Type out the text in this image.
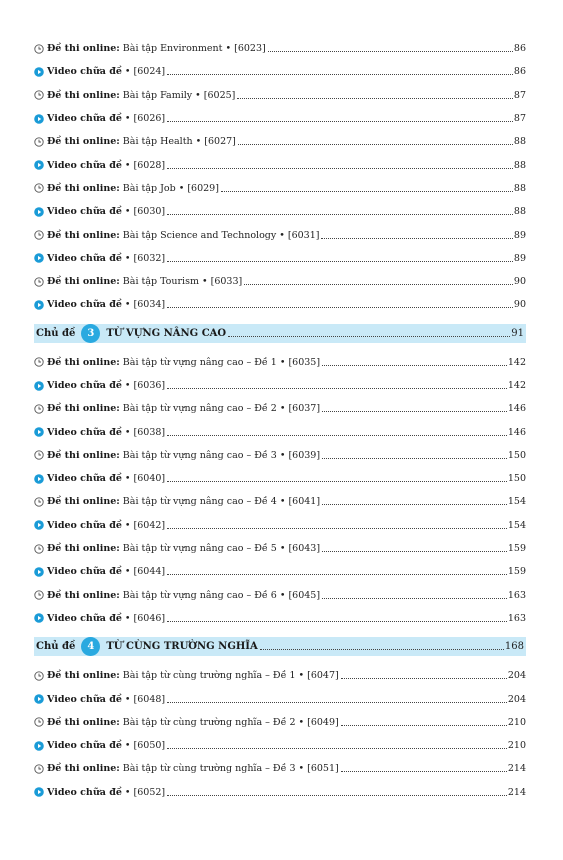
Đề thi online: Bài tập Environment • [6023]	86
Video chữa đề • [6024]	86
Đề thi online: Bài tập Family • [6025]	87
Video chữa đề • [6026]	87
Đề thi online: Bài tập Health • [6027]	88
Video chữa đề • [6028]	88
Đề thi online: Bài tập Job • [6029]	88
Video chữa đề • [6030]	88
Đề thi online: Bài tập Science and Technology • [6031]	89
Video chữa đề • [6032]	89
Đề thi online: Bài tập Tourism • [6033]	90
Video chữa đề • [6034]	90
Chủ đề	3	TỪ VỰNG NÂNG CAO	91
Đề thi online: Bài tập từ vựng nâng cao – Đề 1 • [6035]	142
Video chữa đề • [6036]	142
Đề thi online: Bài tập từ vựng nâng cao – Đề 2 • [6037]	146
Video chữa đề • [6038]	146
Đề thi online: Bài tập từ vựng nâng cao – Đề 3 • [6039]	150
Video chữa đề • [6040]	150
Đề thi online: Bài tập từ vựng nâng cao – Đề 4 • [6041]	154
Video chữa đề • [6042]	154
Đề thi online: Bài tập từ vựng nâng cao – Đề 5 • [6043]	159
Video chữa đề • [6044]	159
Đề thi online: Bài tập từ vựng nâng cao – Đề 6 • [6045]	163
Video chữa đề • [6046]	163
Chủ đề	4	TỪ CÙNG TRƯỜNG NGHĨA	168
Đề thi online: Bài tập từ cùng trường nghĩa – Đề 1 • [6047]	204
Video chữa đề • [6048]	204
Đề thi online: Bài tập từ cùng trường nghĩa – Đề 2 • [6049]	210
Video chữa đề • [6050]	210
Đề thi online: Bài tập từ cùng trường nghĩa – Đề 3 • [6051]	214
Video chữa đề • [6052]	214
